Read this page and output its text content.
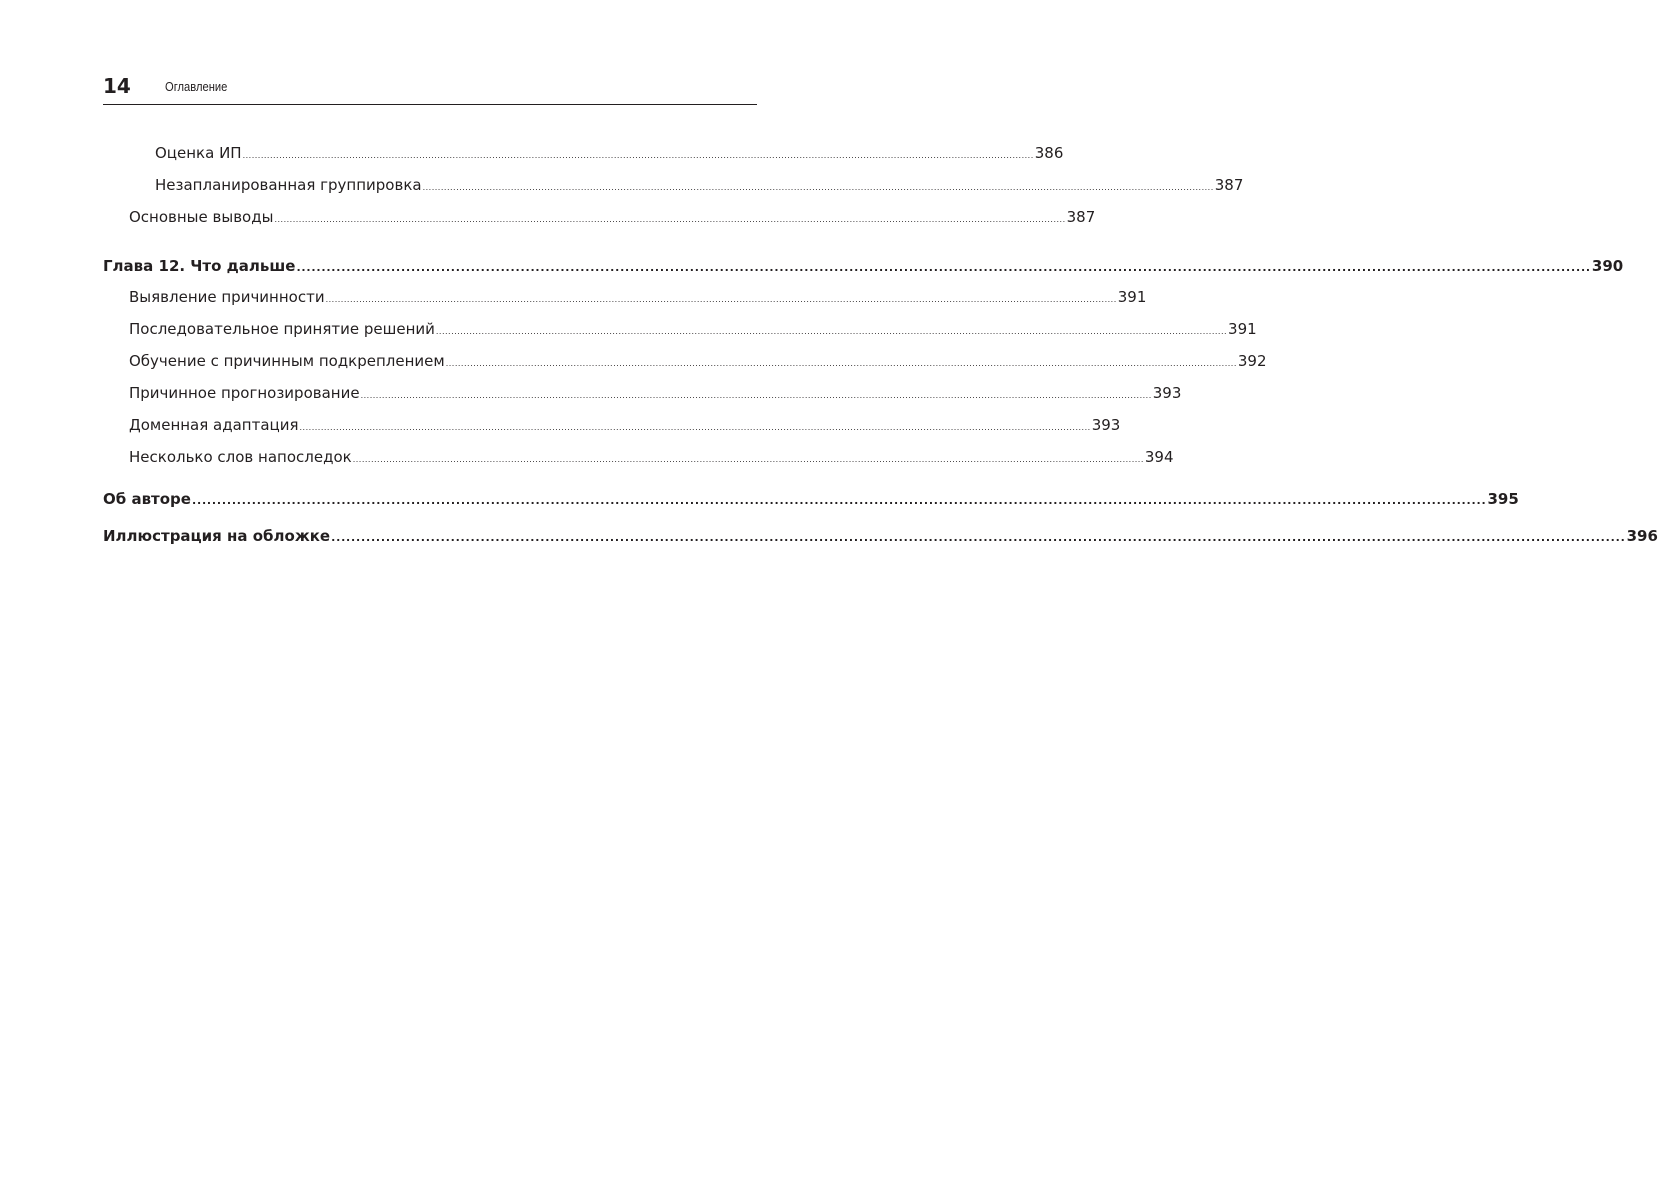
14	Оглавление
Оценка ИП .................................................................................................................................................................................................................................................................... 386
Незапланированная группировка .................................................................................................................................................................................................................................................................... 387
Основные выводы .................................................................................................................................................................................................................................................................... 387
Глава 12. Что дальше .................................................................................................................................................................................................................................................................... 390
Выявление причинности .................................................................................................................................................................................................................................................................... 391
Последовательное принятие решений .................................................................................................................................................................................................................................................................... 391
Обучение с причинным подкреплением .................................................................................................................................................................................................................................................................... 392
Причинное прогнозирование .................................................................................................................................................................................................................................................................... 393
Доменная адаптация .................................................................................................................................................................................................................................................................... 393
Несколько слов напоследок .................................................................................................................................................................................................................................................................... 394
Об авторе .................................................................................................................................................................................................................................................................... 395
Иллюстрация на обложке .................................................................................................................................................................................................................................................................... 396
